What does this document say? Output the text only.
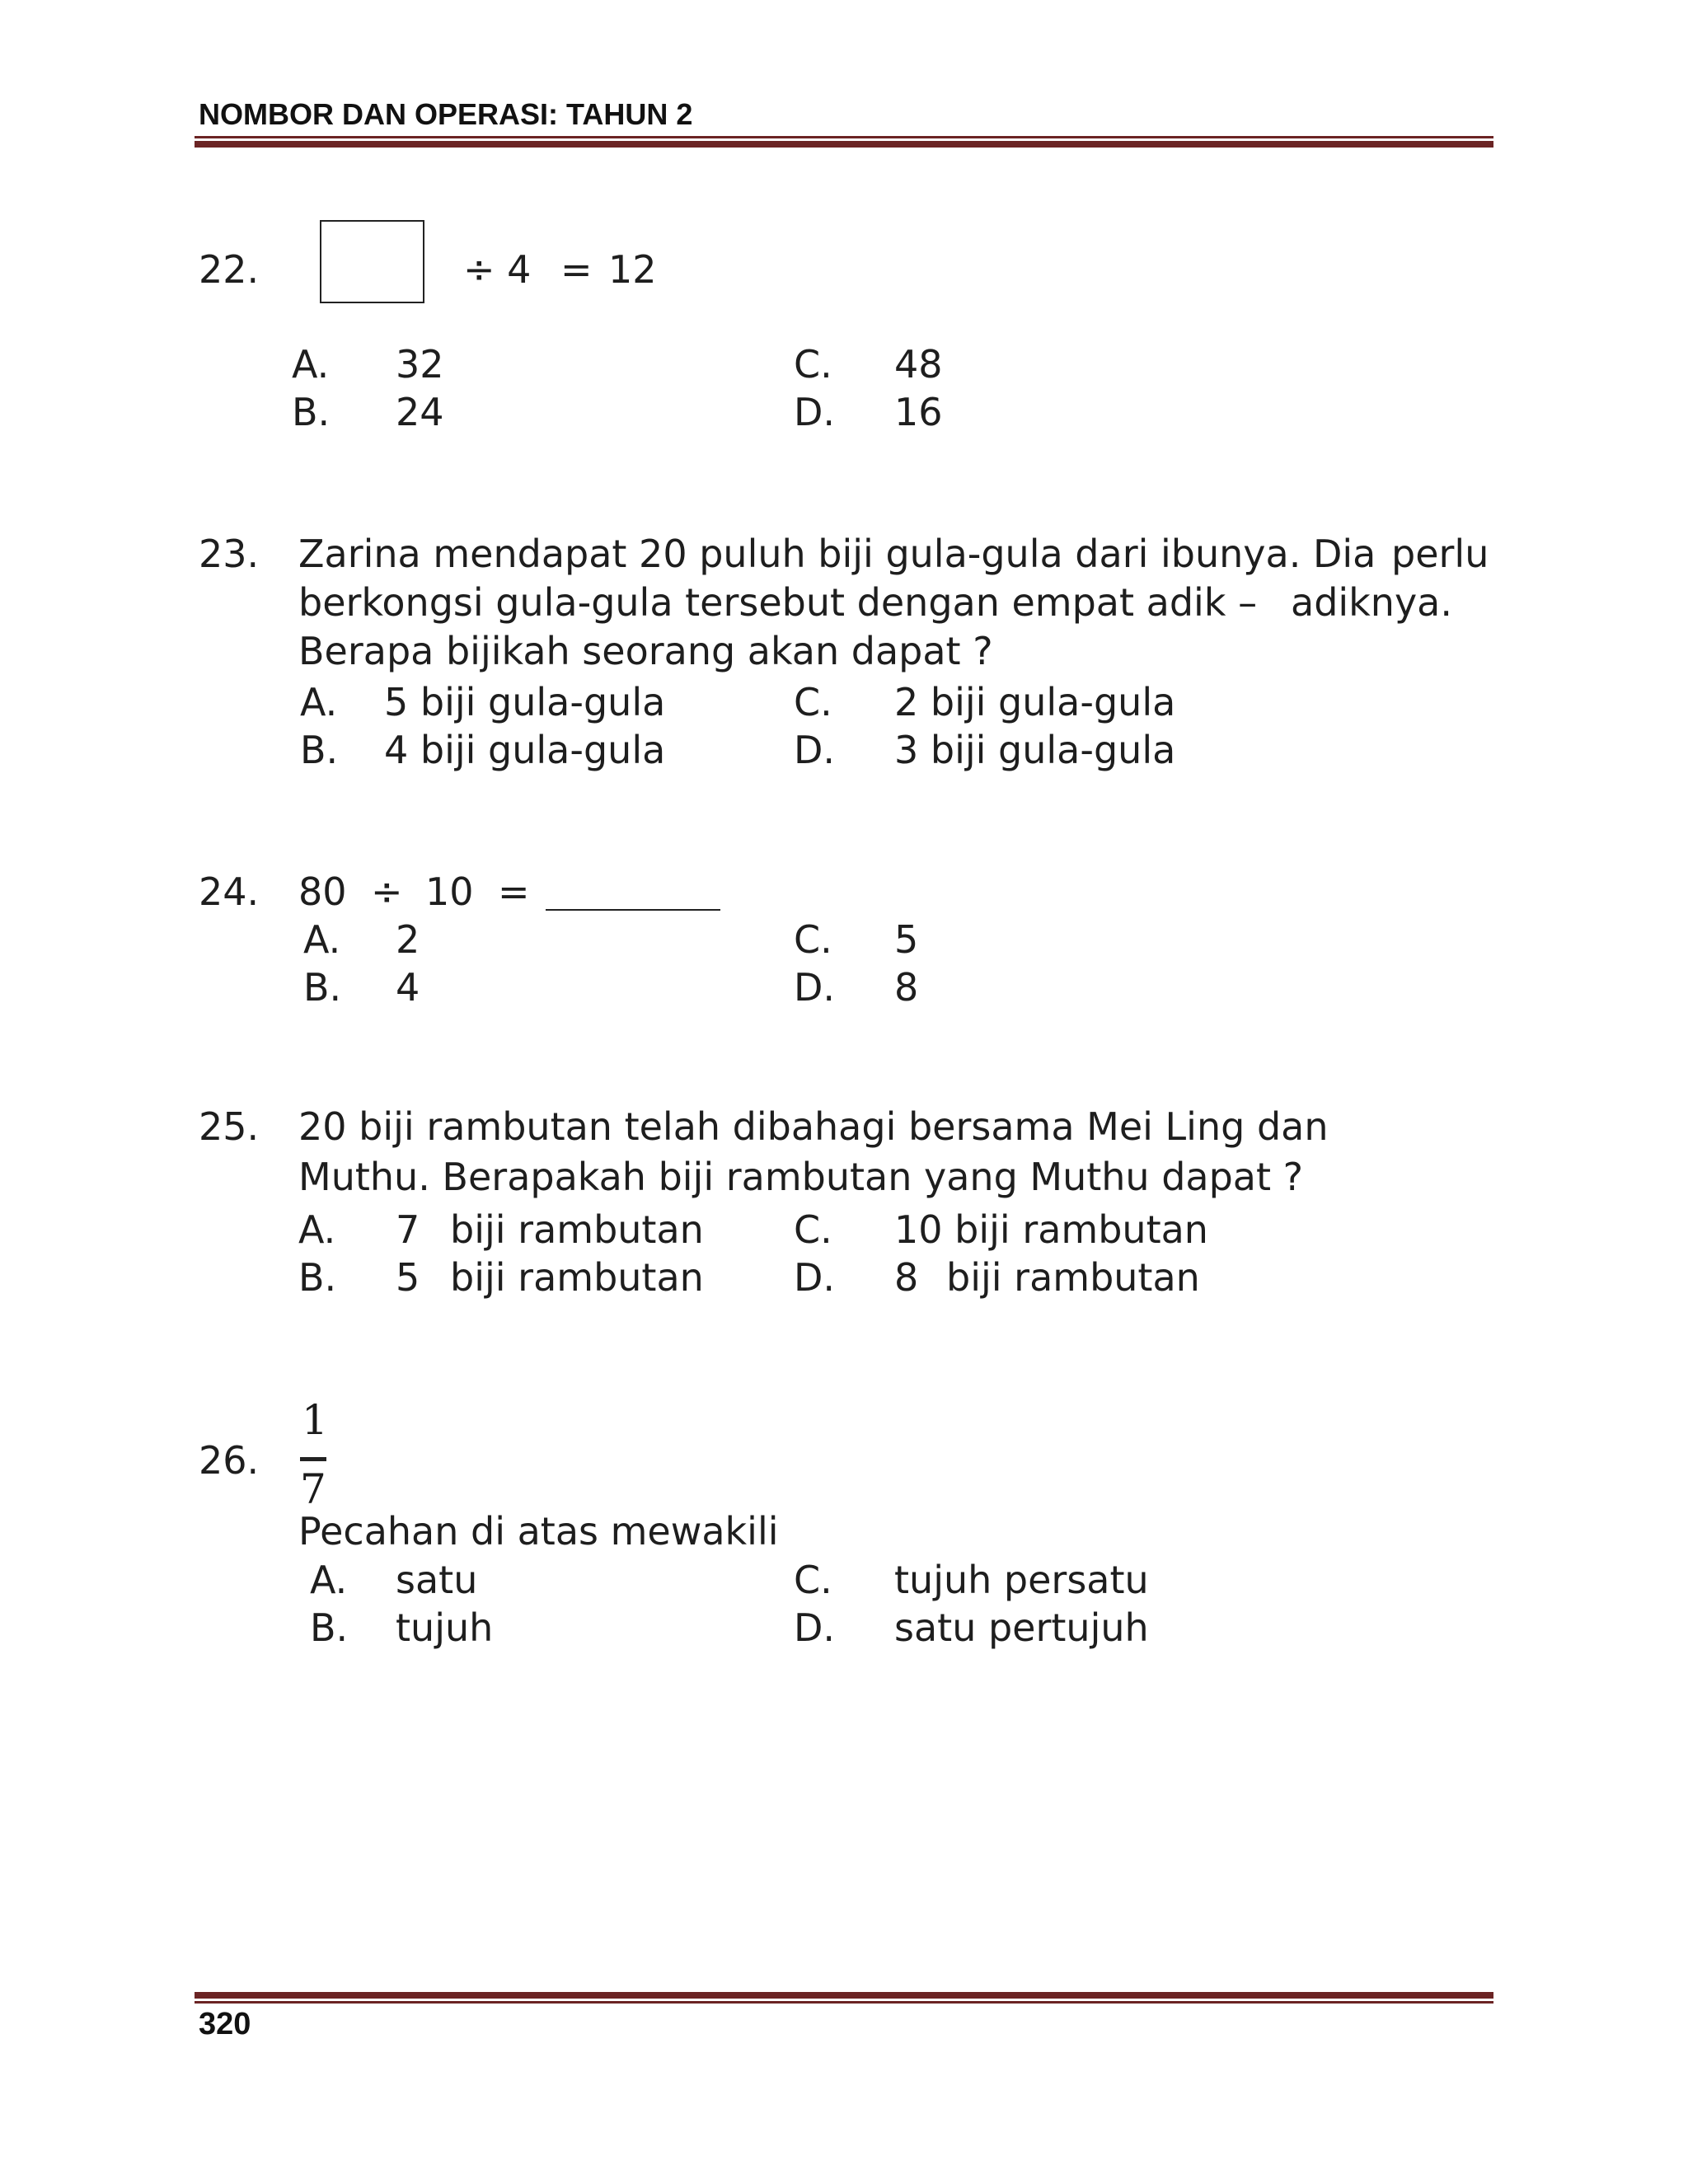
NOMBOR DAN OPERASI: TAHUN 2
22.	÷ 4 = 12
A. 32
B. 24
C. 48
D. 16
23. Zarina mendapat 20 puluh biji gula-gula dari ibunya. Dia perlu
berkongsi gula-gula tersebut dengan empat adik – adiknya.
Berapa bijikah seorang akan dapat ?
A. 5 biji gula-gula
B. 4 biji gula-gula
C. 2 biji gula-gula
D. 3 biji gula-gula
24. 80 ÷ 10 =
A. 2
B. 4
C. 5
D. 8
25. 20 biji rambutan telah dibahagi bersama Mei Ling dan
Muthu. Berapakah biji rambutan yang Muthu dapat ?
A. 7 biji rambutan
B. 5 biji rambutan
C. 10 biji rambutan
D. 8 biji rambutan
26.
1
7
Pecahan di atas mewakili
A. satu
B. tujuh
C. tujuh persatu
D. satu pertujuh
320
